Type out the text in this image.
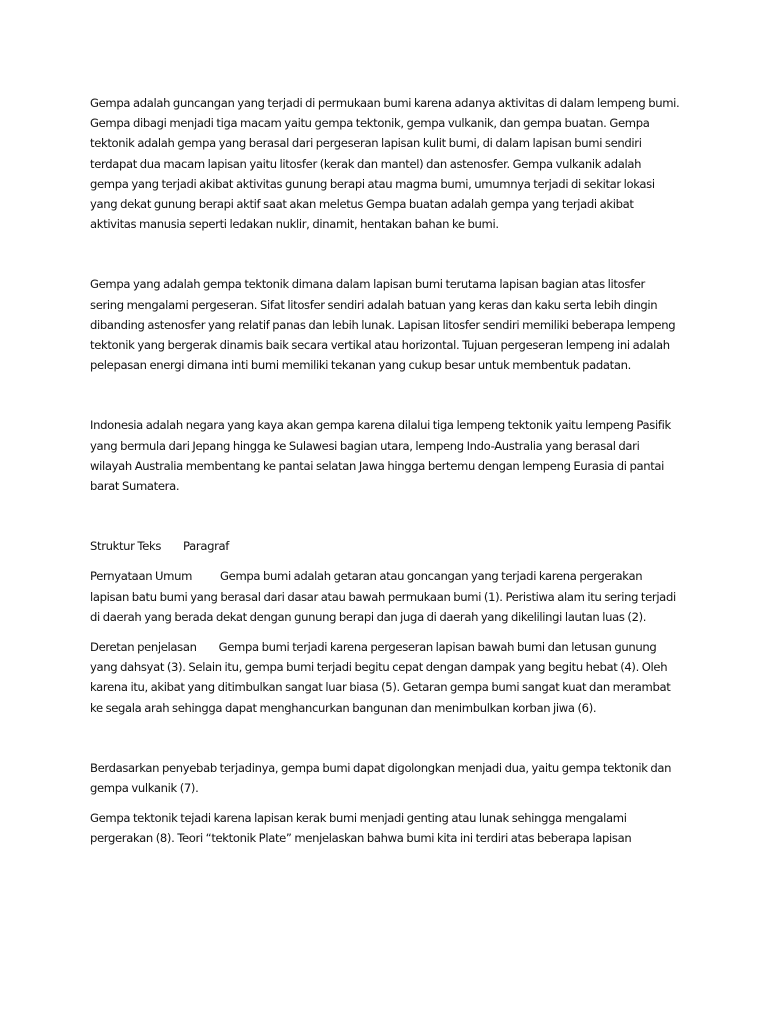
Gempa adalah guncangan yang terjadi di permukaan bumi karena adanya aktivitas di dalam lempeng bumi. Gempa dibagi menjadi tiga macam yaitu gempa tektonik, gempa vulkanik, dan gempa buatan. Gempa tektonik adalah gempa yang berasal dari pergeseran lapisan kulit bumi, di dalam lapisan bumi sendiri terdapat dua macam lapisan yaitu litosfer (kerak dan mantel) dan astenosfer. Gempa vulkanik adalah gempa yang terjadi akibat aktivitas gunung berapi atau magma bumi, umumnya terjadi di sekitar lokasi yang dekat gunung berapi aktif saat akan meletus Gempa buatan adalah gempa yang terjadi akibat aktivitas manusia seperti ledakan nuklir, dinamit, hentakan bahan ke bumi.

Gempa yang adalah gempa tektonik dimana dalam lapisan bumi terutama lapisan bagian atas litosfer sering mengalami pergeseran. Sifat litosfer sendiri adalah batuan yang keras dan kaku serta lebih dingin dibanding astenosfer yang relatif panas dan lebih lunak. Lapisan litosfer sendiri memiliki beberapa lempeng tektonik yang bergerak dinamis baik secara vertikal atau horizontal. Tujuan pergeseran lempeng ini adalah pelepasan energi dimana inti bumi memiliki tekanan yang cukup besar untuk membentuk padatan.

Indonesia adalah negara yang kaya akan gempa karena dilalui tiga lempeng tektonik yaitu lempeng Pasifik yang bermula dari Jepang hingga ke Sulawesi bagian utara, lempeng Indo-Australia yang berasal dari wilayah Australia membentang ke pantai selatan Jawa hingga bertemu dengan lempeng Eurasia di pantai barat Sumatera.

Struktur Teks Paragraf

Pernyataan Umum Gempa bumi adalah getaran atau goncangan yang terjadi karena pergerakan lapisan batu bumi yang berasal dari dasar atau bawah permukaan bumi (1). Peristiwa alam itu sering terjadi di daerah yang berada dekat dengan gunung berapi dan juga di daerah yang dikelilingi lautan luas (2).

Deretan penjelasan Gempa bumi terjadi karena pergeseran lapisan bawah bumi dan letusan gunung yang dahsyat (3). Selain itu, gempa bumi terjadi begitu cepat dengan dampak yang begitu hebat (4). Oleh karena itu, akibat yang ditimbulkan sangat luar biasa (5). Getaran gempa bumi sangat kuat dan merambat ke segala arah sehingga dapat menghancurkan bangunan dan menimbulkan korban jiwa (6).

Berdasarkan penyebab terjadinya, gempa bumi dapat digolongkan menjadi dua, yaitu gempa tektonik dan gempa vulkanik (7).

Gempa tektonik tejadi karena lapisan kerak bumi menjadi genting atau lunak sehingga mengalami pergerakan (8). Teori “tektonik Plate” menjelaskan bahwa bumi kita ini terdiri atas beberapa lapisan
